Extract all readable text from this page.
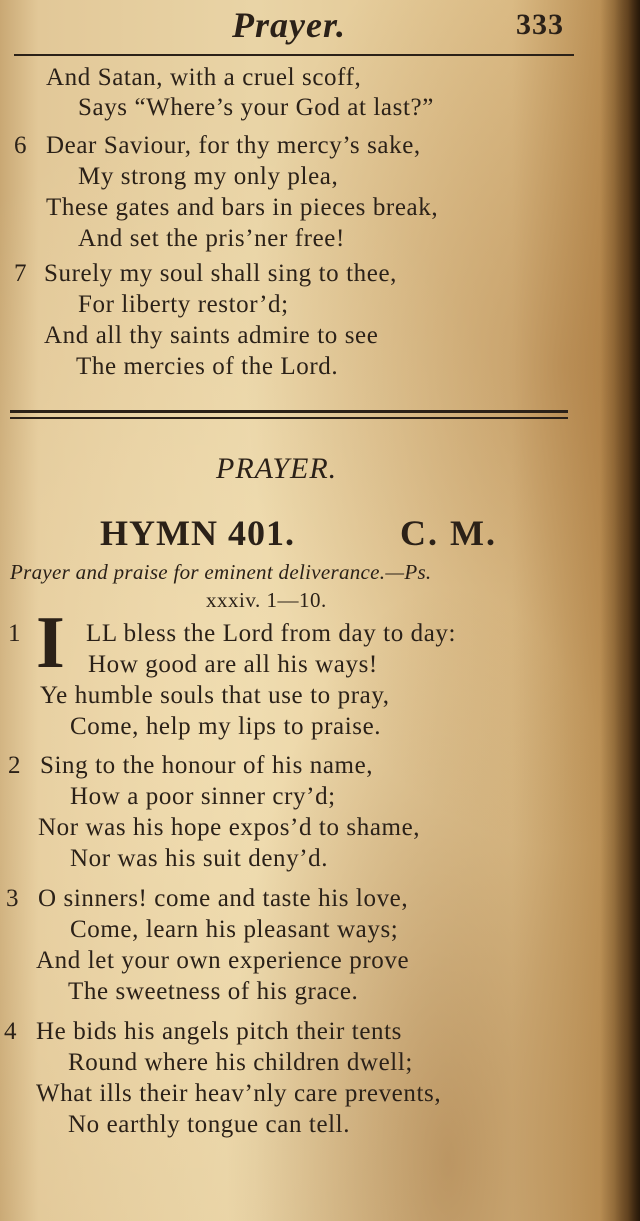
Prayer.	333
And Satan, with a cruel scoff,
Says “Where’s your God at last?”
6 Dear Saviour, for thy mercy’s sake,
My strong my only plea,
These gates and bars in pieces break,
And set the pris’ner free!
7 Surely my soul shall sing to thee,
For liberty restor’d;
And all thy saints admire to see
The mercies of the Lord.
PRAYER.
HYMN 401.	C. M.
Prayer and praise for eminent deliverance.—Ps.
xxxiv. 1—10.
1 I LL bless the Lord from day to day:
How good are all his ways!
Ye humble souls that use to pray,
Come, help my lips to praise.
2 Sing to the honour of his name,
How a poor sinner cry’d;
Nor was his hope expos’d to shame,
Nor was his suit deny’d.
3 O sinners! come and taste his love,
Come, learn his pleasant ways;
And let your own experience prove
The sweetness of his grace.
4 He bids his angels pitch their tents
Round where his children dwell;
What ills their heav’nly care prevents,
No earthly tongue can tell.
